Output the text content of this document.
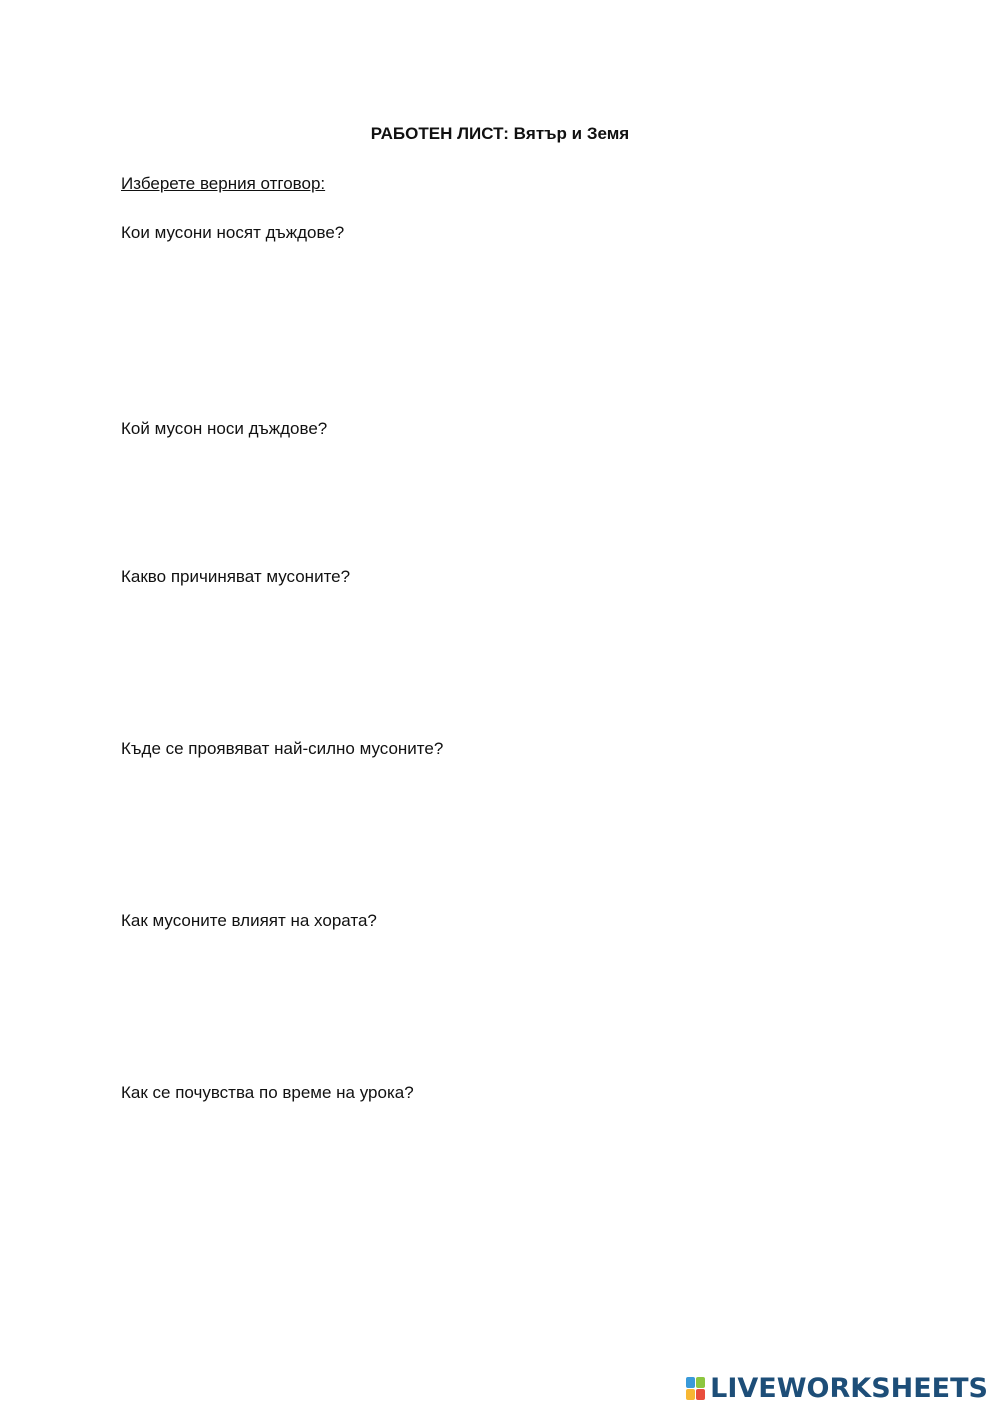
РАБОТЕН ЛИСТ: Вятър и Земя
Изберете верния отговор:
Кои мусони носят дъждове?
Кой мусон носи дъждове?
Какво причиняват мусоните?
Къде се проявяват най-силно мусоните?
Как мусоните влияят на хората?
Как се почувства по време на урока?
LIVEWORKSHEETS
